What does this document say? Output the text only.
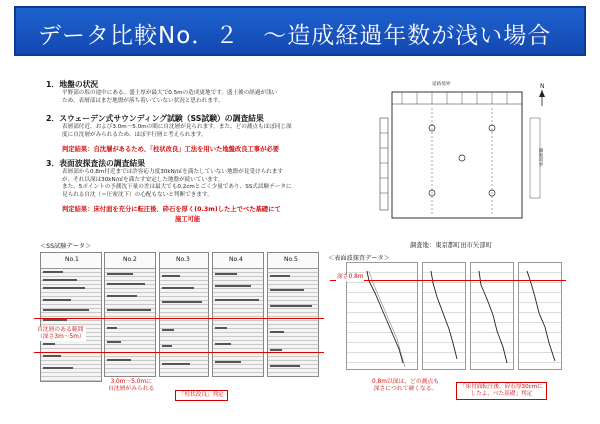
データ比較No．２　～造成経過年数が浅い場合
1．地盤の状況
平野部の坂の途中にある。盛土厚が最大で0.5mの造成更地です。盛土後の経過が浅い
ため、表層部はまだ地盤が落ち着いていない状況と思われます。
2．スウェーデン式サウンディング試験（SS試験）の調査結果
表層部付近、および3.0m～5.0mの間に自沈層が見られます。また、どの測点もほぼ同じ深
度に自沈層がみられるため、ほぼ平行層と考えられます。
判定結果：自沈層があるため、「柱状改良」工法を用いた地盤改良工事が必要
3．表面波探査法の調査結果
表層部から0.8m付近までは許容応力度30kN/㎡を満たしていない地盤が見受けられます
が、それ以深は30kN/㎡を満たす安定した地盤が続いています。
また、5ポイントの予測沈下量の差は最大でも0.2cmとごく少量であり、SS式試験データに
見られる自沈（＝圧密沈下）の心配もないと判断できます。
判定結果：床付面を充分に転圧後、砕石を厚く(0.3m)した上でべた基礎にて
施工可能
N
道路境界
隣地境界
調査地：東京都町田市矢部町
＜SS試験データ＞
No.1	No.2	No.3	No.4	No.5
自沈層のある範囲
（深さ3m～5m）
3.0m～5.0mに
自沈層がみられる
「柱状改良」判定
＜表面波探査データ＞
深さ0.8m
0.8m以深は、どの測点も
深さにつれて硬くなる。	「床付面転圧後、砕石厚30cmに
したよ、べた基礎」判定
